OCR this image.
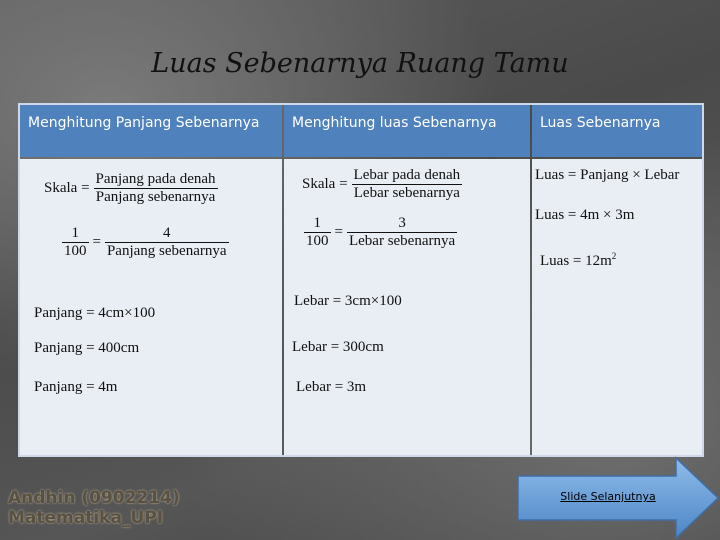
Luas Sebenarnya Ruang Tamu
Menghitung Panjang Sebenarnya	Menghitung luas Sebenarnya	Luas Sebenarnya
Skala = $\frac{\text{Panjang pada denah}}{\text{Panjang sebenarnya}}$
$\frac{1}{100} = \frac{4}{\text{Panjang sebenarnya}}$
Panjang = 4cm×100
Panjang = 400cm
Panjang = 4m
Skala = $\frac{\text{Lebar pada denah}}{\text{Lebar sebenarnya}}$
$\frac{1}{100} = \frac{3}{\text{Lebar sebenarnya}}$
Lebar = 3cm×100
Lebar = 300cm
Lebar = 3m
Luas = Panjang × Lebar
Luas = 4m × 3m
Luas = $12m^2$
Andhin (0902214)
Matematika_UPI
Slide Selanjutnya
